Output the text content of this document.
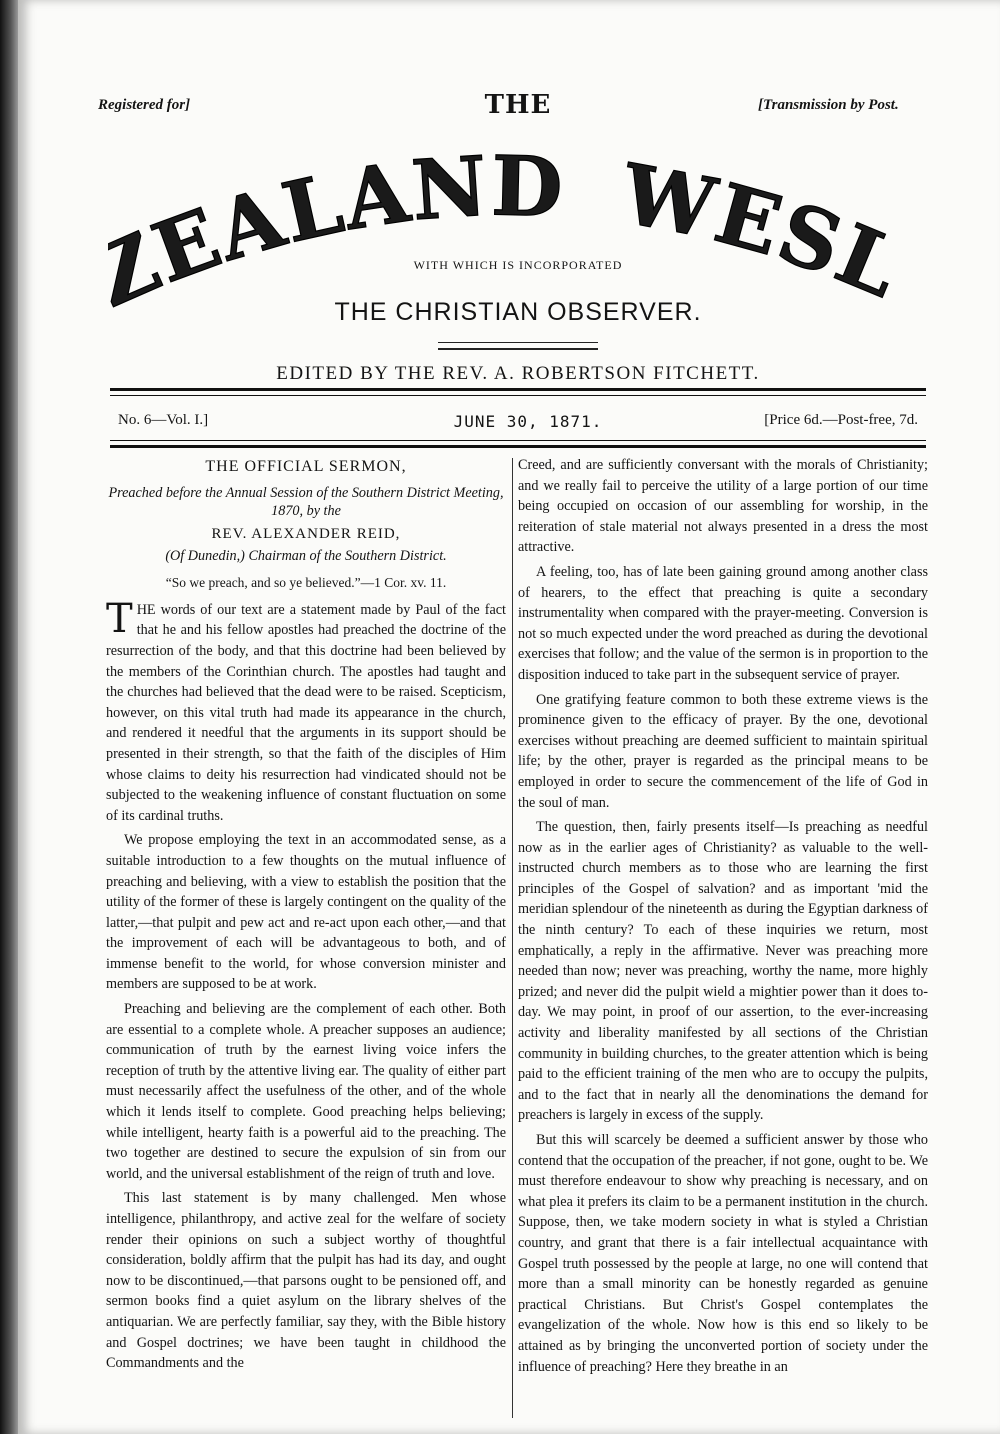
Registered for]	[Transmission by Post.
THE
EALAND WESL
WITH WHICH IS INCORPORATED
THE CHRISTIAN OBSERVER.
EDITED BY THE REV. A. ROBERTSON FITCHETT.
No. 6—Vol. I.]	JUNE 30, 1871.	[Price 6d.—Post-free, 7d.
THE OFFICIAL SERMON,
Preached before the Annual Session of the Southern District Meeting, 1870, by the
REV. ALEXANDER REID,
(Of Dunedin,) Chairman of the Southern District.
“So we preach, and so ye believed.”—1 Cor. xv. 11.

THE words of our text are a statement made by Paul of the fact that he and his fellow apostles had preached the doctrine of the resurrection of the body, and that this doctrine had been believed by the members of the Corinthian church. The apostles had taught and the churches had believed that the dead were to be raised. Scepticism, however, on this vital truth had made its appearance in the church, and rendered it needful that the arguments in its support should be presented in their strength, so that the faith of the disciples of Him whose claims to deity his resurrection had vindicated should not be subjected to the weakening influence of constant fluctuation on some of its cardinal truths.

We propose employing the text in an accommodated sense, as a suitable introduction to a few thoughts on the mutual influence of preaching and believing, with a view to establish the position that the utility of the former of these is largely contingent on the quality of the latter,—that pulpit and pew act and re-act upon each other,—and that the improvement of each will be advantageous to both, and of immense benefit to the world, for whose conversion minister and members are supposed to be at work.

Preaching and believing are the complement of each other. Both are essential to a complete whole. A preacher supposes an audience; communication of truth by the earnest living voice infers the reception of truth by the attentive living ear. The quality of either part must necessarily affect the usefulness of the other, and of the whole which it lends itself to complete. Good preaching helps believing; while intelligent, hearty faith is a powerful aid to the preaching. The two together are destined to secure the expulsion of sin from our world, and the universal establishment of the reign of truth and love.

This last statement is by many challenged. Men whose intelligence, philanthropy, and active zeal for the welfare of society render their opinions on such a subject worthy of thoughtful consideration, boldly affirm that the pulpit has had its day, and ought now to be discontinued,—that parsons ought to be pensioned off, and sermon books find a quiet asylum on the library shelves of the antiquarian. We are perfectly familiar, say they, with the Bible history and Gospel doctrines; we have been taught in childhood the Commandments and the

Creed, and are sufficiently conversant with the morals of Christianity; and we really fail to perceive the utility of a large portion of our time being occupied on occasion of our assembling for worship, in the reiteration of stale material not always presented in a dress the most attractive.

A feeling, too, has of late been gaining ground among another class of hearers, to the effect that preaching is quite a secondary instrumentality when compared with the prayer-meeting. Conversion is not so much expected under the word preached as during the devotional exercises that follow; and the value of the sermon is in proportion to the disposition induced to take part in the subsequent service of prayer.

One gratifying feature common to both these extreme views is the prominence given to the efficacy of prayer. By the one, devotional exercises without preaching are deemed sufficient to maintain spiritual life; by the other, prayer is regarded as the principal means to be employed in order to secure the commencement of the life of God in the soul of man.

The question, then, fairly presents itself—Is preaching as needful now as in the earlier ages of Christianity? as valuable to the well-instructed church members as to those who are learning the first principles of the Gospel of salvation? and as important 'mid the meridian splendour of the nineteenth as during the Egyptian darkness of the ninth century? To each of these inquiries we return, most emphatically, a reply in the affirmative. Never was preaching more needed than now; never was preaching, worthy the name, more highly prized; and never did the pulpit wield a mightier power than it does to-day. We may point, in proof of our assertion, to the ever-increasing activity and liberality manifested by all sections of the Christian community in building churches, to the greater attention which is being paid to the efficient training of the men who are to occupy the pulpits, and to the fact that in nearly all the denominations the demand for preachers is largely in excess of the supply.

But this will scarcely be deemed a sufficient answer by those who contend that the occupation of the preacher, if not gone, ought to be. We must therefore endeavour to show why preaching is necessary, and on what plea it prefers its claim to be a permanent institution in the church. Suppose, then, we take modern society in what is styled a Christian country, and grant that there is a fair intellectual acquaintance with Gospel truth possessed by the people at large, no one will contend that more than a small minority can be honestly regarded as genuine practical Christians. But Christ's Gospel contemplates the evangelization of the whole. Now how is this end so likely to be attained as by bringing the unconverted portion of society under the influence of preaching? Here they breathe in an
